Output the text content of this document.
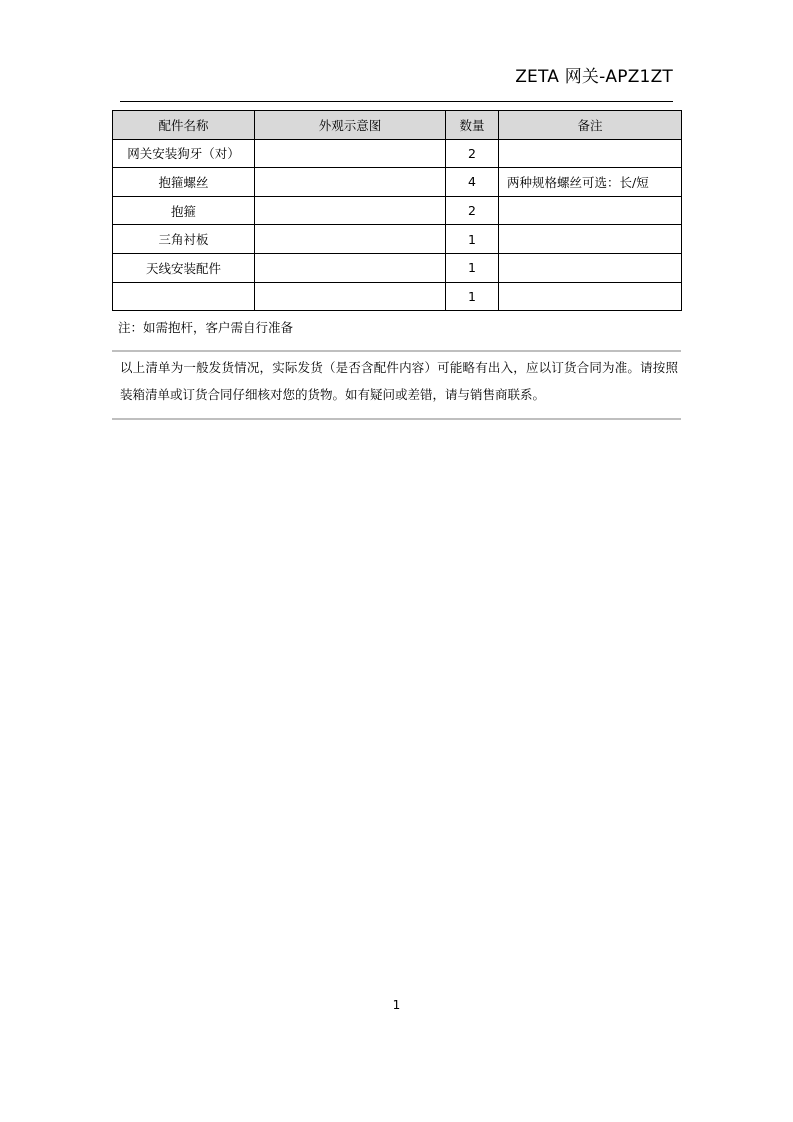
ZETA 网关-APZ1ZT
配件名称	外观示意图	数量	备注
网关安装狗牙（对）		2	
抱箍螺丝		4	两种规格螺丝可选：长/短
抱箍		2	
三角衬板		1	
天线安装配件		1	
		1	
注：如需抱杆，客户需自行准备
以上清单为一般发货情况，实际发货（是否含配件内容）可能略有出入，应以订货合同为准。请按照装箱清单或订货合同仔细核对您的货物。如有疑问或差错，请与销售商联系。
1
